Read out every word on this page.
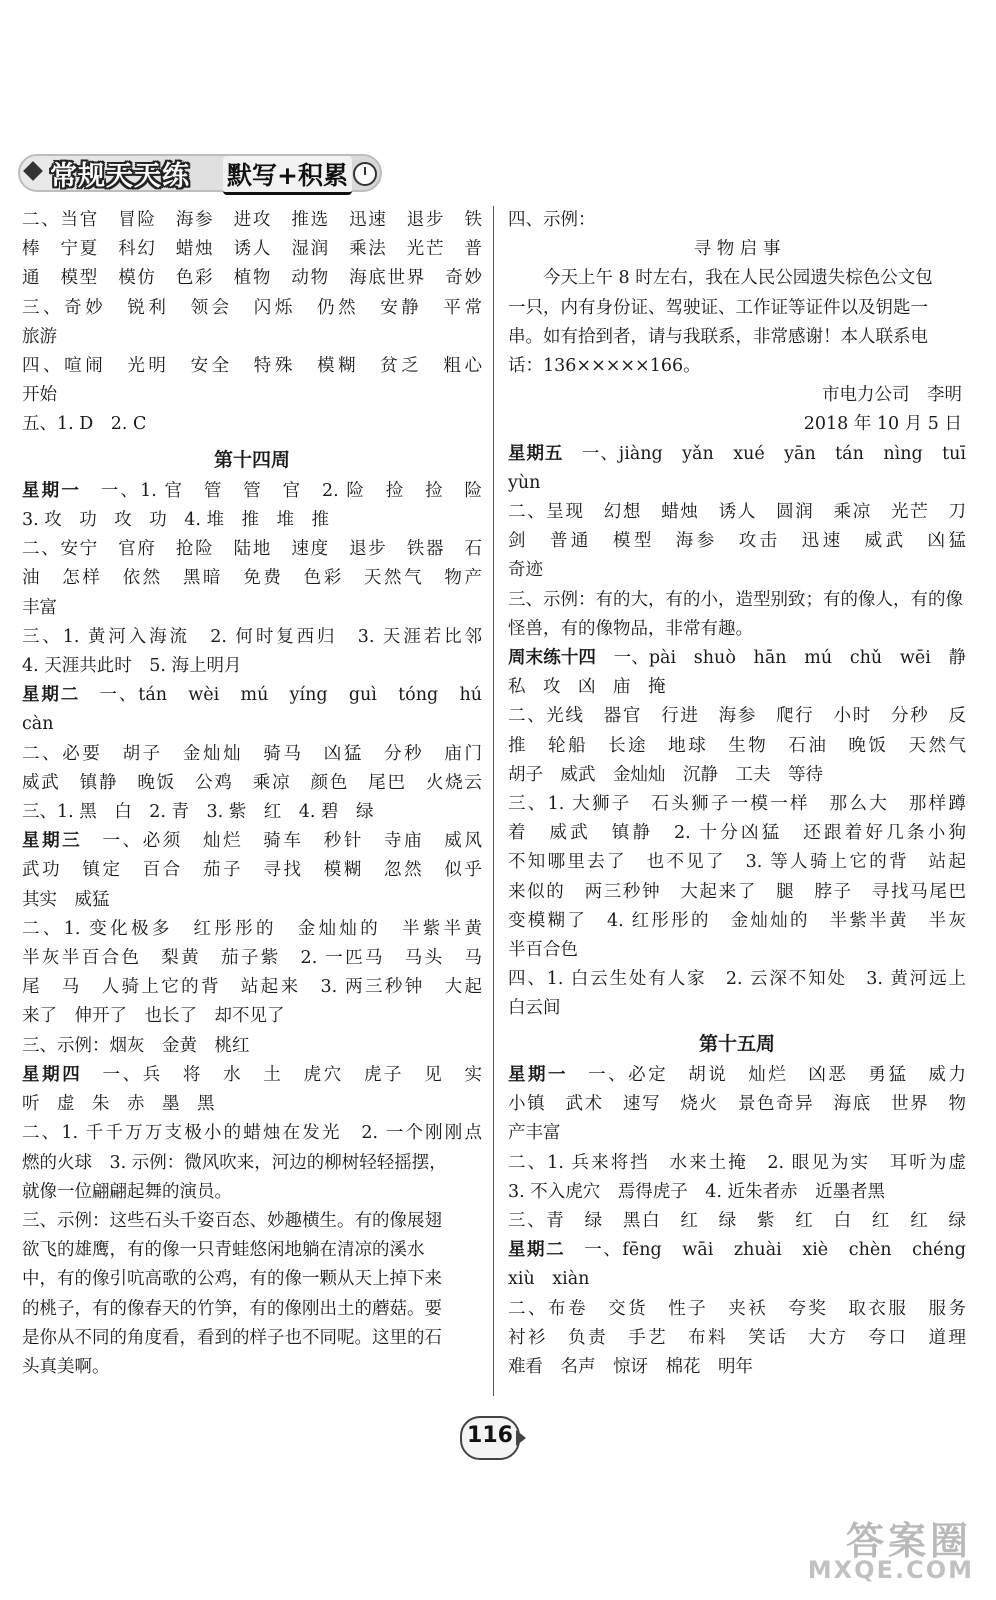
常规天天练 默写+积累
二、当官　冒险　海参　进攻　推选　迅速　退步　铁
棒　宁夏　科幻　蜡烛　诱人　湿润　乘法　光芒　普
通　模型　模仿　色彩　植物　动物　海底世界　奇妙
三、奇妙　锐利　领会　闪烁　仍然　安静　平常
旅游
四、喧闹　光明　安全　特殊　模糊　贫乏　粗心
开始
五、1. D　2. C
第十四周
星期一　 一、1. 官　管　管　官　2. 险　捡　捡　险
3. 攻　功　攻　功　4. 堆　推　堆　推
二、安宁　官府　抢险　陆地　速度　退步　铁器　石
油　怎样　依然　黑暗　免费　色彩　天然气　物产
丰富
三、1. 黄河入海流　2. 何时复西归　3. 天涯若比邻
4. 天涯共此时　5. 海上明月
星期二　 一、tán　wèi　mú　yíng　guì　tóng　hú
càn
二、必要　胡子　金灿灿　骑马　凶猛　分秒　庙门
威武　镇静　晚饭　公鸡　乘凉　颜色　尾巴　火烧云
三、1. 黑　白　2. 青　3. 紫　红　4. 碧　绿
星期三　 一、必须　灿烂　骑车　秒针　寺庙　威风
武功　镇定　百合　茄子　寻找　模糊　忽然　似乎
其实　威猛
二、1. 变化极多　红彤彤的　金灿灿的　半紫半黄
半灰半百合色　梨黄　茄子紫　2. 一匹马　马头　马
尾　马　人骑上它的背　站起来　3. 两三秒钟　大起
来了　伸开了　也长了　却不见了
三、示例：烟灰　金黄　桃红
星期四　 一、兵　将　水　土　虎穴　虎子　见　实
听　虚　朱　赤　墨　黑
二、1. 千千万万支极小的蜡烛在发光　2. 一个刚刚点
燃的火球　3. 示例：微风吹来，河边的柳树轻轻摇摆，
就像一位翩翩起舞的演员。
三、示例：这些石头千姿百态、妙趣横生。有的像展翅
欲飞的雄鹰，有的像一只青蛙悠闲地躺在清凉的溪水
中，有的像引吭高歌的公鸡，有的像一颗从天上掉下来
的桃子，有的像春天的竹笋，有的像刚出土的蘑菇。要
是你从不同的角度看，看到的样子也不同呢。这里的石
头真美啊。
四、示例：
寻 物 启 事
　　今天上午 8 时左右，我在人民公园遗失棕色公文包
一只，内有身份证、驾驶证、工作证等证件以及钥匙一
串。如有拾到者，请与我联系，非常感谢！本人联系电
话：136×××××166。
市电力公司　李明
2018 年 10 月 5 日
星期五　 一、jiàng　yǎn　xué　yān　tán　nìng　tuī
yùn
二、呈现　幻想　蜡烛　诱人　圆润　乘凉　光芒　刀
剑　普通　模型　海参　攻击　迅速　威武　凶猛
奇迹
三、示例：有的大，有的小，造型别致；有的像人，有的像
怪兽，有的像物品，非常有趣。
周末练十四　 一、pài　shuò　hān　mú　chǔ　wēi　静
私　攻　凶　庙　掩
二、光线　器官　行进　海参　爬行　小时　分秒　反
推　轮船　长途　地球　生物　石油　晚饭　天然气
胡子　威武　金灿灿　沉静　工夫　等待
三、1. 大狮子　石头狮子一模一样　那么大　那样蹲
着　威武　镇静　2. 十分凶猛　还跟着好几条小狗
不知哪里去了　也不见了　3. 等人骑上它的背　站起
来似的　两三秒钟　大起来了　腿　脖子　寻找马尾巴
变模糊了　4. 红彤彤的　金灿灿的　半紫半黄　半灰
半百合色
四、1. 白云生处有人家　2. 云深不知处　3. 黄河远上
白云间
第十五周
星期一　 一、必定　胡说　灿烂　凶恶　勇猛　威力
小镇　武术　速写　烧火　景色奇异　海底　世界　物
产丰富
二、1. 兵来将挡　水来土掩　2. 眼见为实　耳听为虚
3. 不入虎穴　焉得虎子　4. 近朱者赤　近墨者黑
三、青　绿　黑白　红　绿　紫　红　白　红　红　绿
星期二　 一、fēng　wāi　zhuài　xiè　chèn　chéng
xiù　xiàn
二、布卷　交货　性子　夹袄　夸奖　取衣服　服务
衬衫　负责　手艺　布料　笑话　大方　夸口　道理
难看　名声　惊讶　棉花　明年
116
答案圈
MXQE.COM
